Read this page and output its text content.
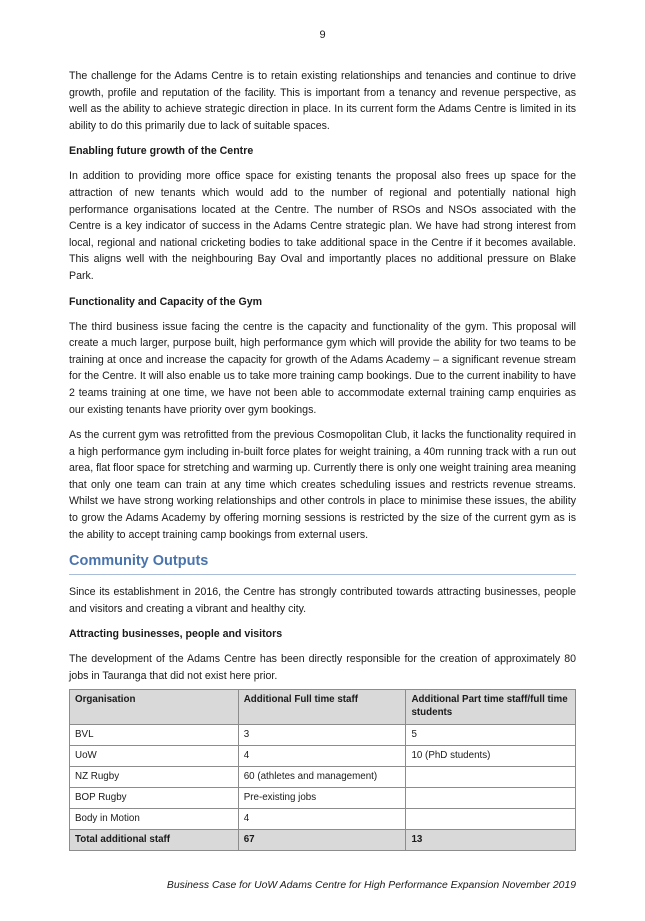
9

The challenge for the Adams Centre is to retain existing relationships and tenancies and continue to drive growth, profile and reputation of the facility. This is important from a tenancy and revenue perspective, as well as the ability to achieve strategic direction in place. In its current form the Adams Centre is limited in its ability to do this primarily due to lack of suitable spaces.

Enabling future growth of the Centre

In addition to providing more office space for existing tenants the proposal also frees up space for the attraction of new tenants which would add to the number of regional and potentially national high performance organisations located at the Centre. The number of RSOs and NSOs associated with the Centre is a key indicator of success in the Adams Centre strategic plan. We have had strong interest from local, regional and national cricketing bodies to take additional space in the Centre if it becomes available. This aligns well with the neighbouring Bay Oval and importantly places no additional pressure on Blake Park.

Functionality and Capacity of the Gym

The third business issue facing the centre is the capacity and functionality of the gym. This proposal will create a much larger, purpose built, high performance gym which will provide the ability for two teams to be training at once and increase the capacity for growth of the Adams Academy – a significant revenue stream for the Centre. It will also enable us to take more training camp bookings. Due to the current inability to have 2 teams training at one time, we have not been able to accommodate external training camp enquiries as our existing tenants have priority over gym bookings.

As the current gym was retrofitted from the previous Cosmopolitan Club, it lacks the functionality required in a high performance gym including in-built force plates for weight training, a 40m running track with a run out area, flat floor space for stretching and warming up. Currently there is only one weight training area meaning that only one team can train at any time which creates scheduling issues and restricts revenue streams. Whilst we have strong working relationships and other controls in place to minimise these issues, the ability to grow the Adams Academy by offering morning sessions is restricted by the size of the current gym as is the ability to accept training camp bookings from external users.

Community Outputs

Since its establishment in 2016, the Centre has strongly contributed towards attracting businesses, people and visitors and creating a vibrant and healthy city.

Attracting businesses, people and visitors

The development of the Adams Centre has been directly responsible for the creation of approximately 80 jobs in Tauranga that did not exist here prior.

Organisation	Additional Full time staff	Additional Part time staff/full time students
BVL	3	5
UoW	4	10 (PhD students)
NZ Rugby	60 (athletes and management)	
BOP Rugby	Pre-existing jobs	
Body in Motion	4	
Total additional staff	67	13
Business Case for UoW Adams Centre for High Performance Expansion November 2019
